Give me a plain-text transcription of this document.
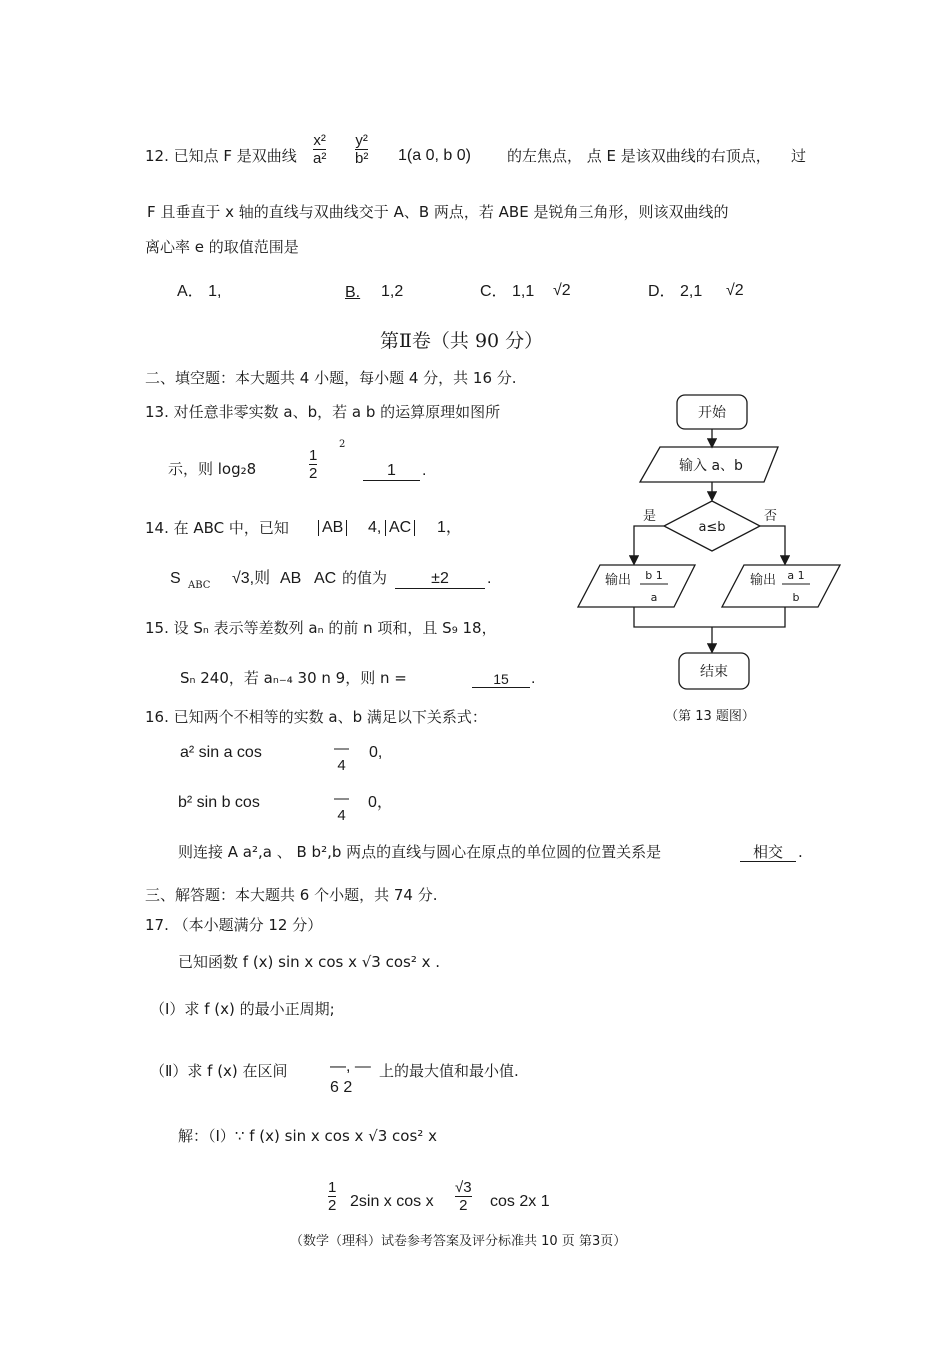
12. 已知点 F 是双曲线
x²
a²
y²
b² 1(a 0, b 0) 的左焦点， 点 E 是该双曲线的右顶点， 过
F 且垂直于 x 轴的直线与双曲线交于 A、B 两点，若 ABE 是锐角三角形，则该双曲线的
离心率 e 的取值范围是
A． 1,	B. 1,2	C． 1,1 √2	D． 2,1 √2
第Ⅱ卷（共 90 分）
二、填空题：本大题共 4 小题，每小题 4 分，共 16 分.
13. 对任意非零实数 a、b，若 a b 的运算原理如图所
示，则 log₂8
1
2
2
1	.
14. 在 ABC 中，已知 AB 4, AC 1，
S ABC √3,则 AB AC 的值为	±2	.
15. 设 Sₙ 表示等差数列 aₙ 的前 n 项和，且 S₉ 18，
Sₙ 240，若 aₙ₋₄ 30 n 9，则 n =	15	.
16. 已知两个不相等的实数 a、b 满足以下关系式：
a² sin a cos	—
4
0,
b² sin b cos	—
4
0，
则连接 A a²,a 、 B b²,b 两点的直线与圆心在原点的单位圆的位置关系是	相交	.
三、解答题：本大题共 6 个小题，共 74 分.
17. （本小题满分 12 分）
已知函数 f (x) sin x cos x √3 cos² x .
（Ⅰ）求 f (x) 的最小正周期;
（Ⅱ）求 f (x) 在区间	—, —
6 2
上的最大值和最小值.
解：（Ⅰ）∵ f (x) sin x cos x √3 cos² x
1
2 2sin x cos x
√3
2 cos 2x 1
开始
输入 a、b
a≤b
是	否
输出 b 1
a
输出 a 1
b
结束
（第 13 题图）
（数学（理科）试卷参考答案及评分标准共 10 页 第3页）
